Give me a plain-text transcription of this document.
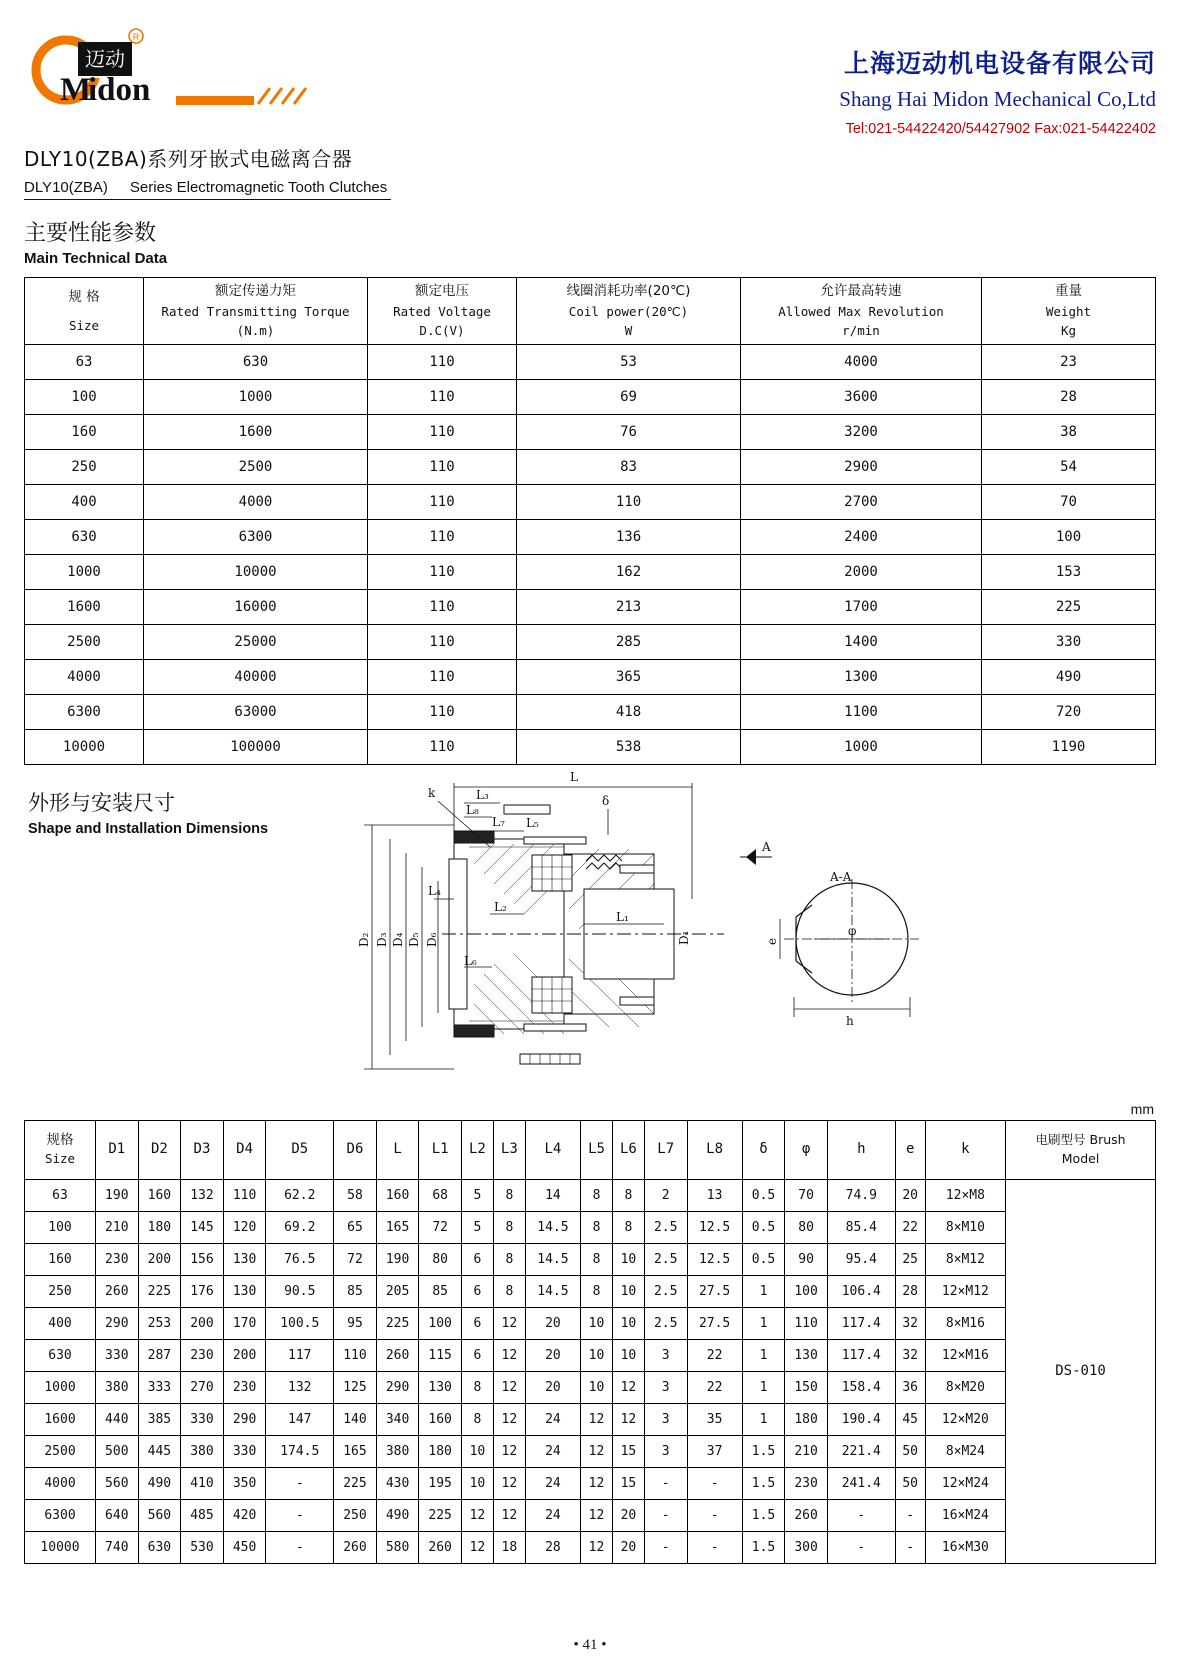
迈动
M
idon
R
上海迈动机电设备有限公司
Shang Hai Midon Mechanical Co,Ltd
Tel:021-54422420/54427902 Fax:021-54422402
DLY10(ZBA)系列牙嵌式电磁离合器
DLY10(ZBA) Series Electromagnetic Tooth Clutches
主要性能参数
Main Technical Data
规 格
Size

额定传递力矩
Rated Transmitting Torque
(N.m)

额定电压
Rated Voltage
D.C(V)

线圈消耗功率(20℃)
Coil power(20℃)
W

允许最高转速
Allowed Max Revolution
r/min

重量
Weight
Kg

63	630	110	53	4000	23
100	1000	110	69	3600	28
160	1600	110	76	3200	38
250	2500	110	83	2900	54
400	4000	110	110	2700	70
630	6300	110	136	2400	100
1000	10000	110	162	2000	153
1600	16000	110	213	1700	225
2500	25000	110	285	1400	330
4000	40000	110	365	1300	490
6300	63000	110	418	1100	720
10000	100000	110	538	1000	1190
外形与安装尺寸
Shape and Installation Dimensions
L
L₃
L₈
L₇ L₅
δ
k
L₄
L₂
L₆
L₁
D₁
D₂ D₃ D₄ D₅ D₆
A
A-A
φ
h
e
mm
规格
Size
	D1	D2	D3	D4	D5	D6	L	L1	L2	L3	L4	L5	L6	L7	L8	δ	φ	h	e	k	
电刷型号 Brush
Model

63	190	160	132	110	62.2	58	160	68	5	8	14	8	8	2	13	0.5	70	74.9	20	12×M8	DS-010
100	210	180	145	120	69.2	65	165	72	5	8	14.5	8	8	2.5	12.5	0.5	80	85.4	22	8×M10	
160	230	200	156	130	76.5	72	190	80	6	8	14.5	8	10	2.5	12.5	0.5	90	95.4	25	8×M12	
250	260	225	176	130	90.5	85	205	85	6	8	14.5	8	10	2.5	27.5	1	100	106.4	28	12×M12	
400	290	253	200	170	100.5	95	225	100	6	12	20	10	10	2.5	27.5	1	110	117.4	32	8×M16	
630	330	287	230	200	117	110	260	115	6	12	20	10	10	3	22	1	130	117.4	32	12×M16	
1000	380	333	270	230	132	125	290	130	8	12	20	10	12	3	22	1	150	158.4	36	8×M20	
1600	440	385	330	290	147	140	340	160	8	12	24	12	12	3	35	1	180	190.4	45	12×M20	
2500	500	445	380	330	174.5	165	380	180	10	12	24	12	15	3	37	1.5	210	221.4	50	8×M24	
4000	560	490	410	350	-	225	430	195	10	12	24	12	15	-	-	1.5	230	241.4	50	12×M24	
6300	640	560	485	420	-	250	490	225	12	12	24	12	20	-	-	1.5	260	-	-	16×M24	
10000	740	630	530	450	-	260	580	260	12	18	28	12	20	-	-	1.5	300	-	-	16×M30	
• 41 •
